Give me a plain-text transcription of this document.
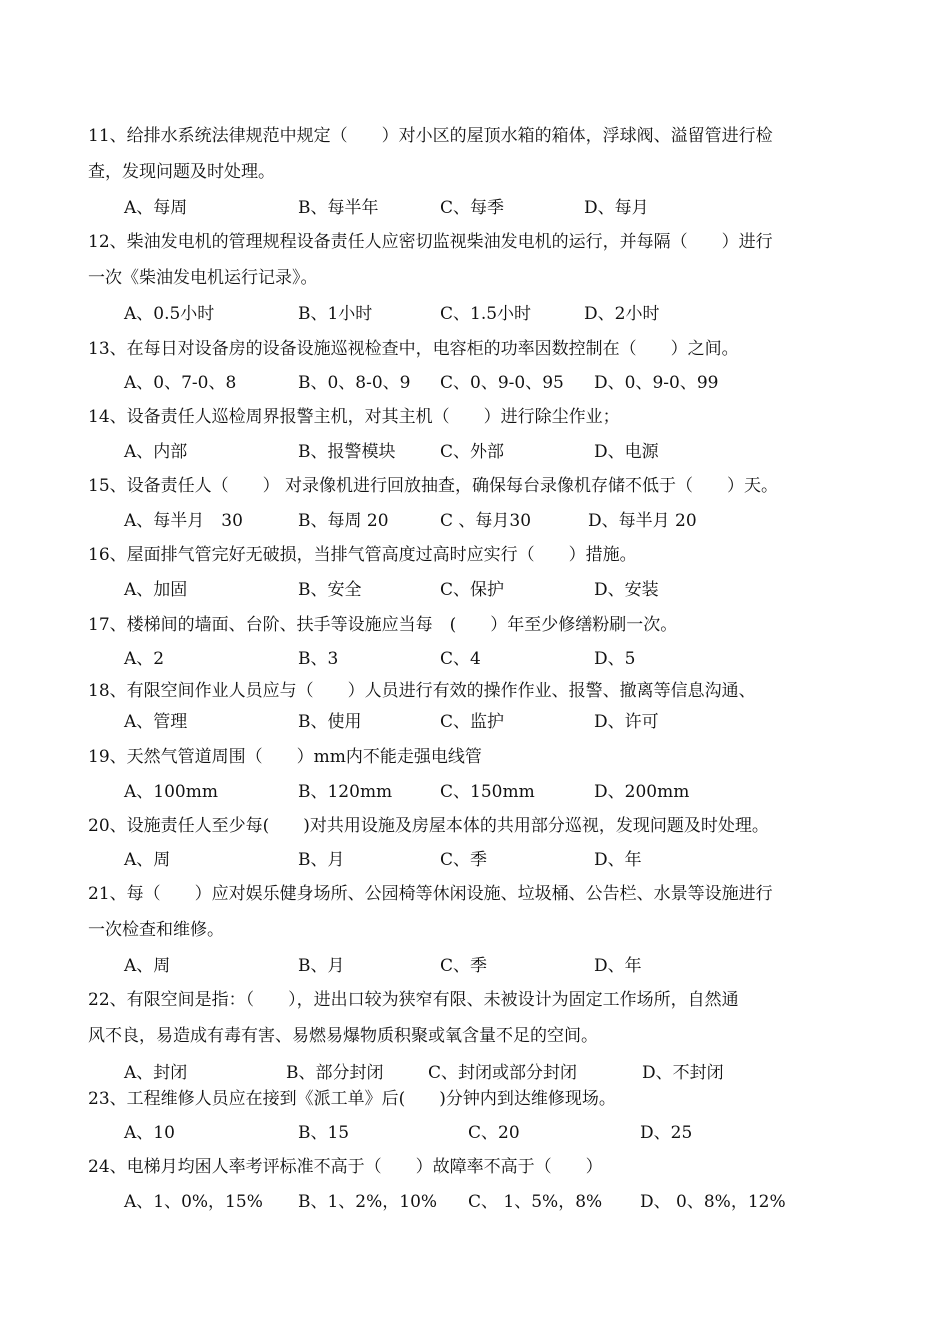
11、给排水系统法律规范中规定（　　）对小区的屋顶水箱的箱体，浮球阀、溢留管进行检
查，发现问题及时处理。
A、每周	B、每半年	C、每季	D、每月
12、柴油发电机的管理规程设备责任人应密切监视柴油发电机的运行，并每隔（　　）进行
一次《柴油发电机运行记录》。
A、0.5小时	B、1小时	C、1.5小时	D、2小时
13、在每日对设备房的设备设施巡视检查中，电容柜的功率因数控制在（　　）之间。
A、0、7-0、8	B、0、8-0、9 C、0、9-0、95 D、0、9-0、99
14、设备责任人巡检周界报警主机，对其主机（　　）进行除尘作业；
A、内部	B、报警模块	C、外部	D、电源
15、设备责任人（　　） 对录像机进行回放抽查，确保每台录像机存储不低于（　　）天。
A、每半月　30	B、每周 20	C 、每月30	D、每半月 20
16、屋面排气管完好无破损，当排气管高度过高时应实行（　　）措施。
A、加固	B、安全	C、保护	D、安装
17、楼梯间的墙面、台阶、扶手等设施应当每　(　　）年至少修缮粉刷一次。
A、2	B、3	C、4	D、5
18、有限空间作业人员应与（　　）人员进行有效的操作作业、报警、撤离等信息沟通、
A、管理	B、使用	C、监护	D、许可
19、天然气管道周围（　　）mm内不能走强电线管
A、100mm	B、120mm	C、150mm	D、200mm
20、设施责任人至少每(　　)对共用设施及房屋本体的共用部分巡视，发现问题及时处理。
A、周	B、月	C、季	D、年
21、每（　　）应对娱乐健身场所、公园椅等休闲设施、垃圾桶、公告栏、水景等设施进行
一次检查和维修。
A、周	B、月	C、季	D、年
22、有限空间是指：（　　），进出口较为狭窄有限、未被设计为固定工作场所，自然通
风不良，易造成有毒有害、易燃易爆物质积聚或氧含量不足的空间。
A、封闭	B、部分封闭	C、封闭或部分封闭	D、不封闭
23、工程维修人员应在接到《派工单》后(　　)分钟内到达维修现场。
A、10	B、15	C、20	D、25
24、电梯月均困人率考评标准不高于（　　）故障率不高于（　　）
A、1、0%，15% B、1、2%，10% C、 1、5%，8% D、 0、8%，12%
